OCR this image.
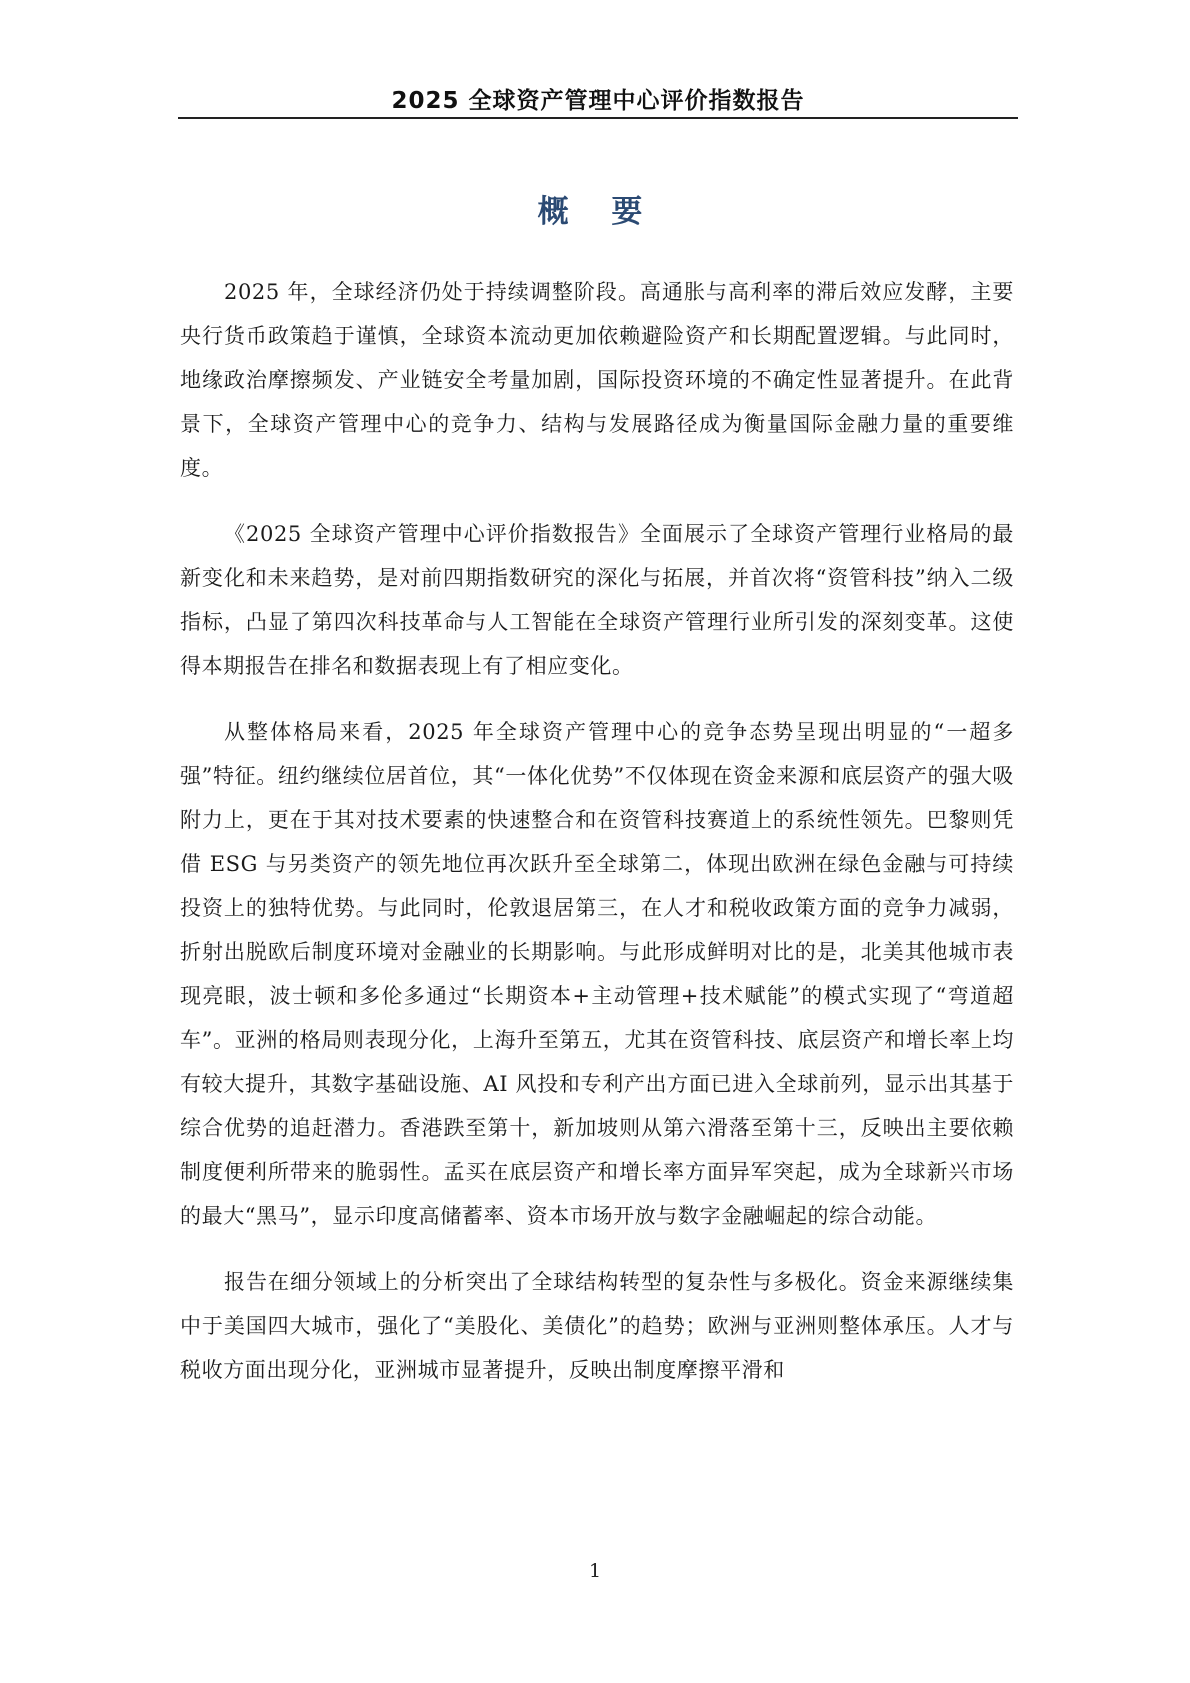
2025 全球资产管理中心评价指数报告
概 要

2025 年，全球经济仍处于持续调整阶段。高通胀与高利率的滞后效应发酵，主要央行货币政策趋于谨慎，全球资本流动更加依赖避险资产和长期配置逻辑。与此同时，地缘政治摩擦频发、产业链安全考量加剧，国际投资环境的不确定性显著提升。在此背景下，全球资产管理中心的竞争力、结构与发展路径成为衡量国际金融力量的重要维度。

《2025 全球资产管理中心评价指数报告》全面展示了全球资产管理行业格局的最新变化和未来趋势，是对前四期指数研究的深化与拓展，并首次将“资管科技”纳入二级指标，凸显了第四次科技革命与人工智能在全球资产管理行业所引发的深刻变革。这使得本期报告在排名和数据表现上有了相应变化。

从整体格局来看，2025 年全球资产管理中心的竞争态势呈现出明显的“一超多强”特征。纽约继续位居首位，其“一体化优势”不仅体现在资金来源和底层资产的强大吸附力上，更在于其对技术要素的快速整合和在资管科技赛道上的系统性领先。巴黎则凭借 ESG 与另类资产的领先地位再次跃升至全球第二，体现出欧洲在绿色金融与可持续投资上的独特优势。与此同时，伦敦退居第三，在人才和税收政策方面的竞争力减弱，折射出脱欧后制度环境对金融业的长期影响。与此形成鲜明对比的是，北美其他城市表现亮眼，波士顿和多伦多通过“长期资本+主动管理+技术赋能”的模式实现了“弯道超车”。亚洲的格局则表现分化，上海升至第五，尤其在资管科技、底层资产和增长率上均有较大提升，其数字基础设施、AI 风投和专利产出方面已进入全球前列，显示出其基于综合优势的追赶潜力。香港跌至第十，新加坡则从第六滑落至第十三，反映出主要依赖制度便利所带来的脆弱性。孟买在底层资产和增长率方面异军突起，成为全球新兴市场的最大“黑马”，显示印度高储蓄率、资本市场开放与数字金融崛起的综合动能。

报告在细分领域上的分析突出了全球结构转型的复杂性与多极化。资金来源继续集中于美国四大城市，强化了“美股化、美债化”的趋势；欧洲与亚洲则整体承压。人才与税收方面出现分化，亚洲城市显著提升，反映出制度摩擦平滑和

1
